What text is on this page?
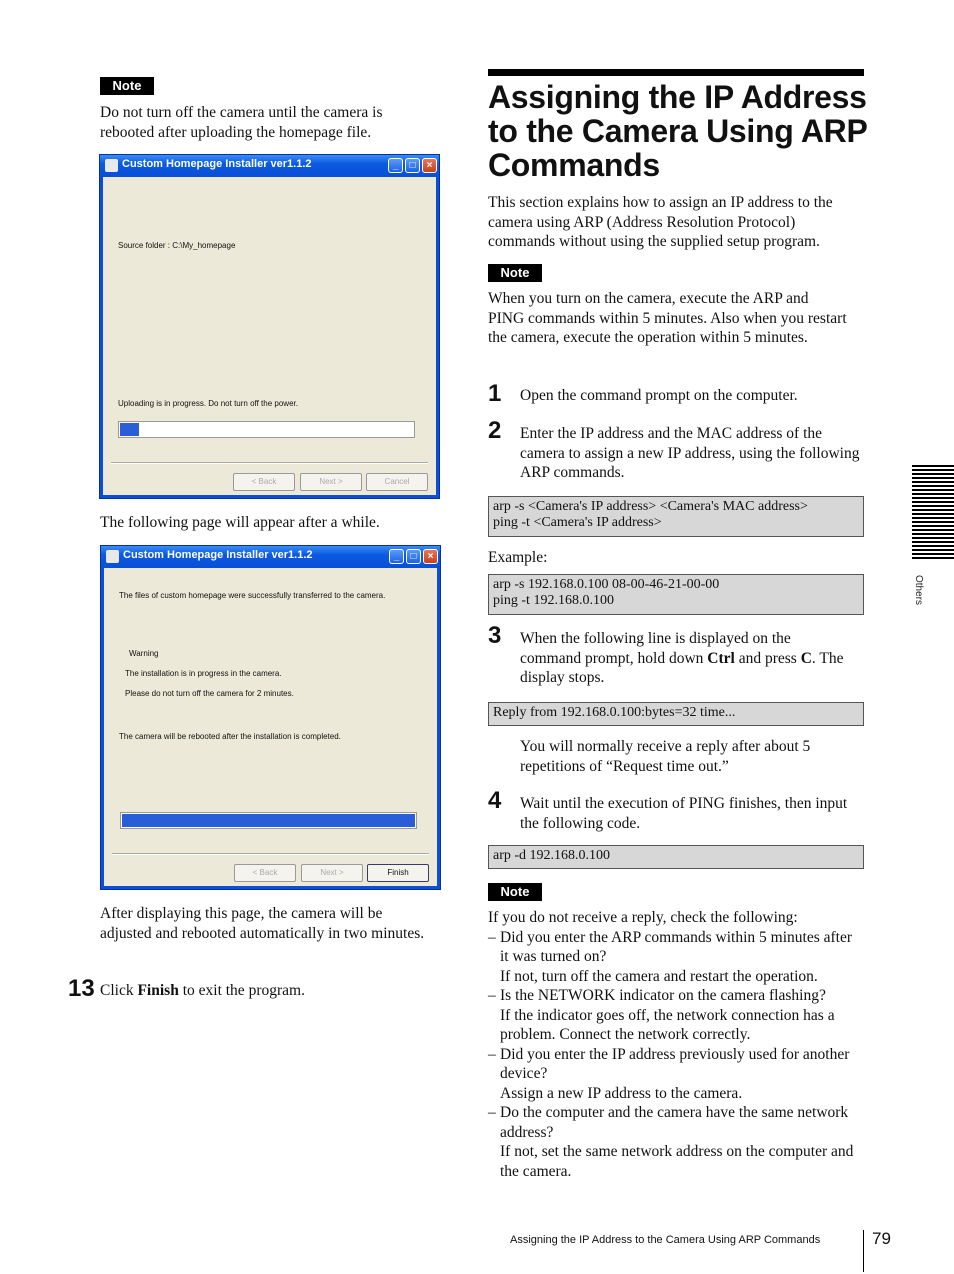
Note
Do not turn off the camera until the camera is rebooted after uploading the homepage file.
Custom Homepage Installer ver1.1.2	_	□	×
Source folder : C:\My_homepage
Uploading is in progress. Do not turn off the power.
< Back	Next >	Cancel
The following page will appear after a while.
Custom Homepage Installer ver1.1.2	_	□	×
The files of custom homepage were successfully transferred to the camera.
Warning
The installation is in progress in the camera.
Please do not turn off the camera for 2 minutes.
The camera will be rebooted after the installation is completed.
< Back	Next >	Finish
After displaying this page, the camera will be adjusted and rebooted automatically in two minutes.
13 Click Finish to exit the program.
Assigning the IP Address to the Camera Using ARP Commands
This section explains how to assign an IP address to the camera using ARP (Address Resolution Protocol) commands without using the supplied setup program.
Note
When you turn on the camera, execute the ARP and PING commands within 5 minutes. Also when you restart the camera, execute the operation within 5 minutes.
1 Open the command prompt on the computer.
2 Enter the IP address and the MAC address of the camera to assign a new IP address, using the following ARP commands.
arp -s <Camera's IP address> <Camera's MAC address>
ping -t <Camera's IP address>
Example:
arp -s 192.168.0.100 08-00-46-21-00-00
ping -t 192.168.0.100
3 When the following line is displayed on the command prompt, hold down Ctrl and press C. The display stops.
Reply from 192.168.0.100:bytes=32 time...
You will normally receive a reply after about 5 repetitions of “Request time out.”
4 Wait until the execution of PING finishes, then input the following code.
arp -d 192.168.0.100
Note
If you do not receive a reply, check the following:
– Did you enter the ARP commands within 5 minutes after it was turned on?
If not, turn off the camera and restart the operation.
– Is the NETWORK indicator on the camera flashing?
If the indicator goes off, the network connection has a problem. Connect the network correctly.
– Did you enter the IP address previously used for another device?
Assign a new IP address to the camera.
– Do the computer and the camera have the same network address?
If not, set the same network address on the computer and the camera.
Others
Assigning the IP Address to the Camera Using ARP Commands	79
